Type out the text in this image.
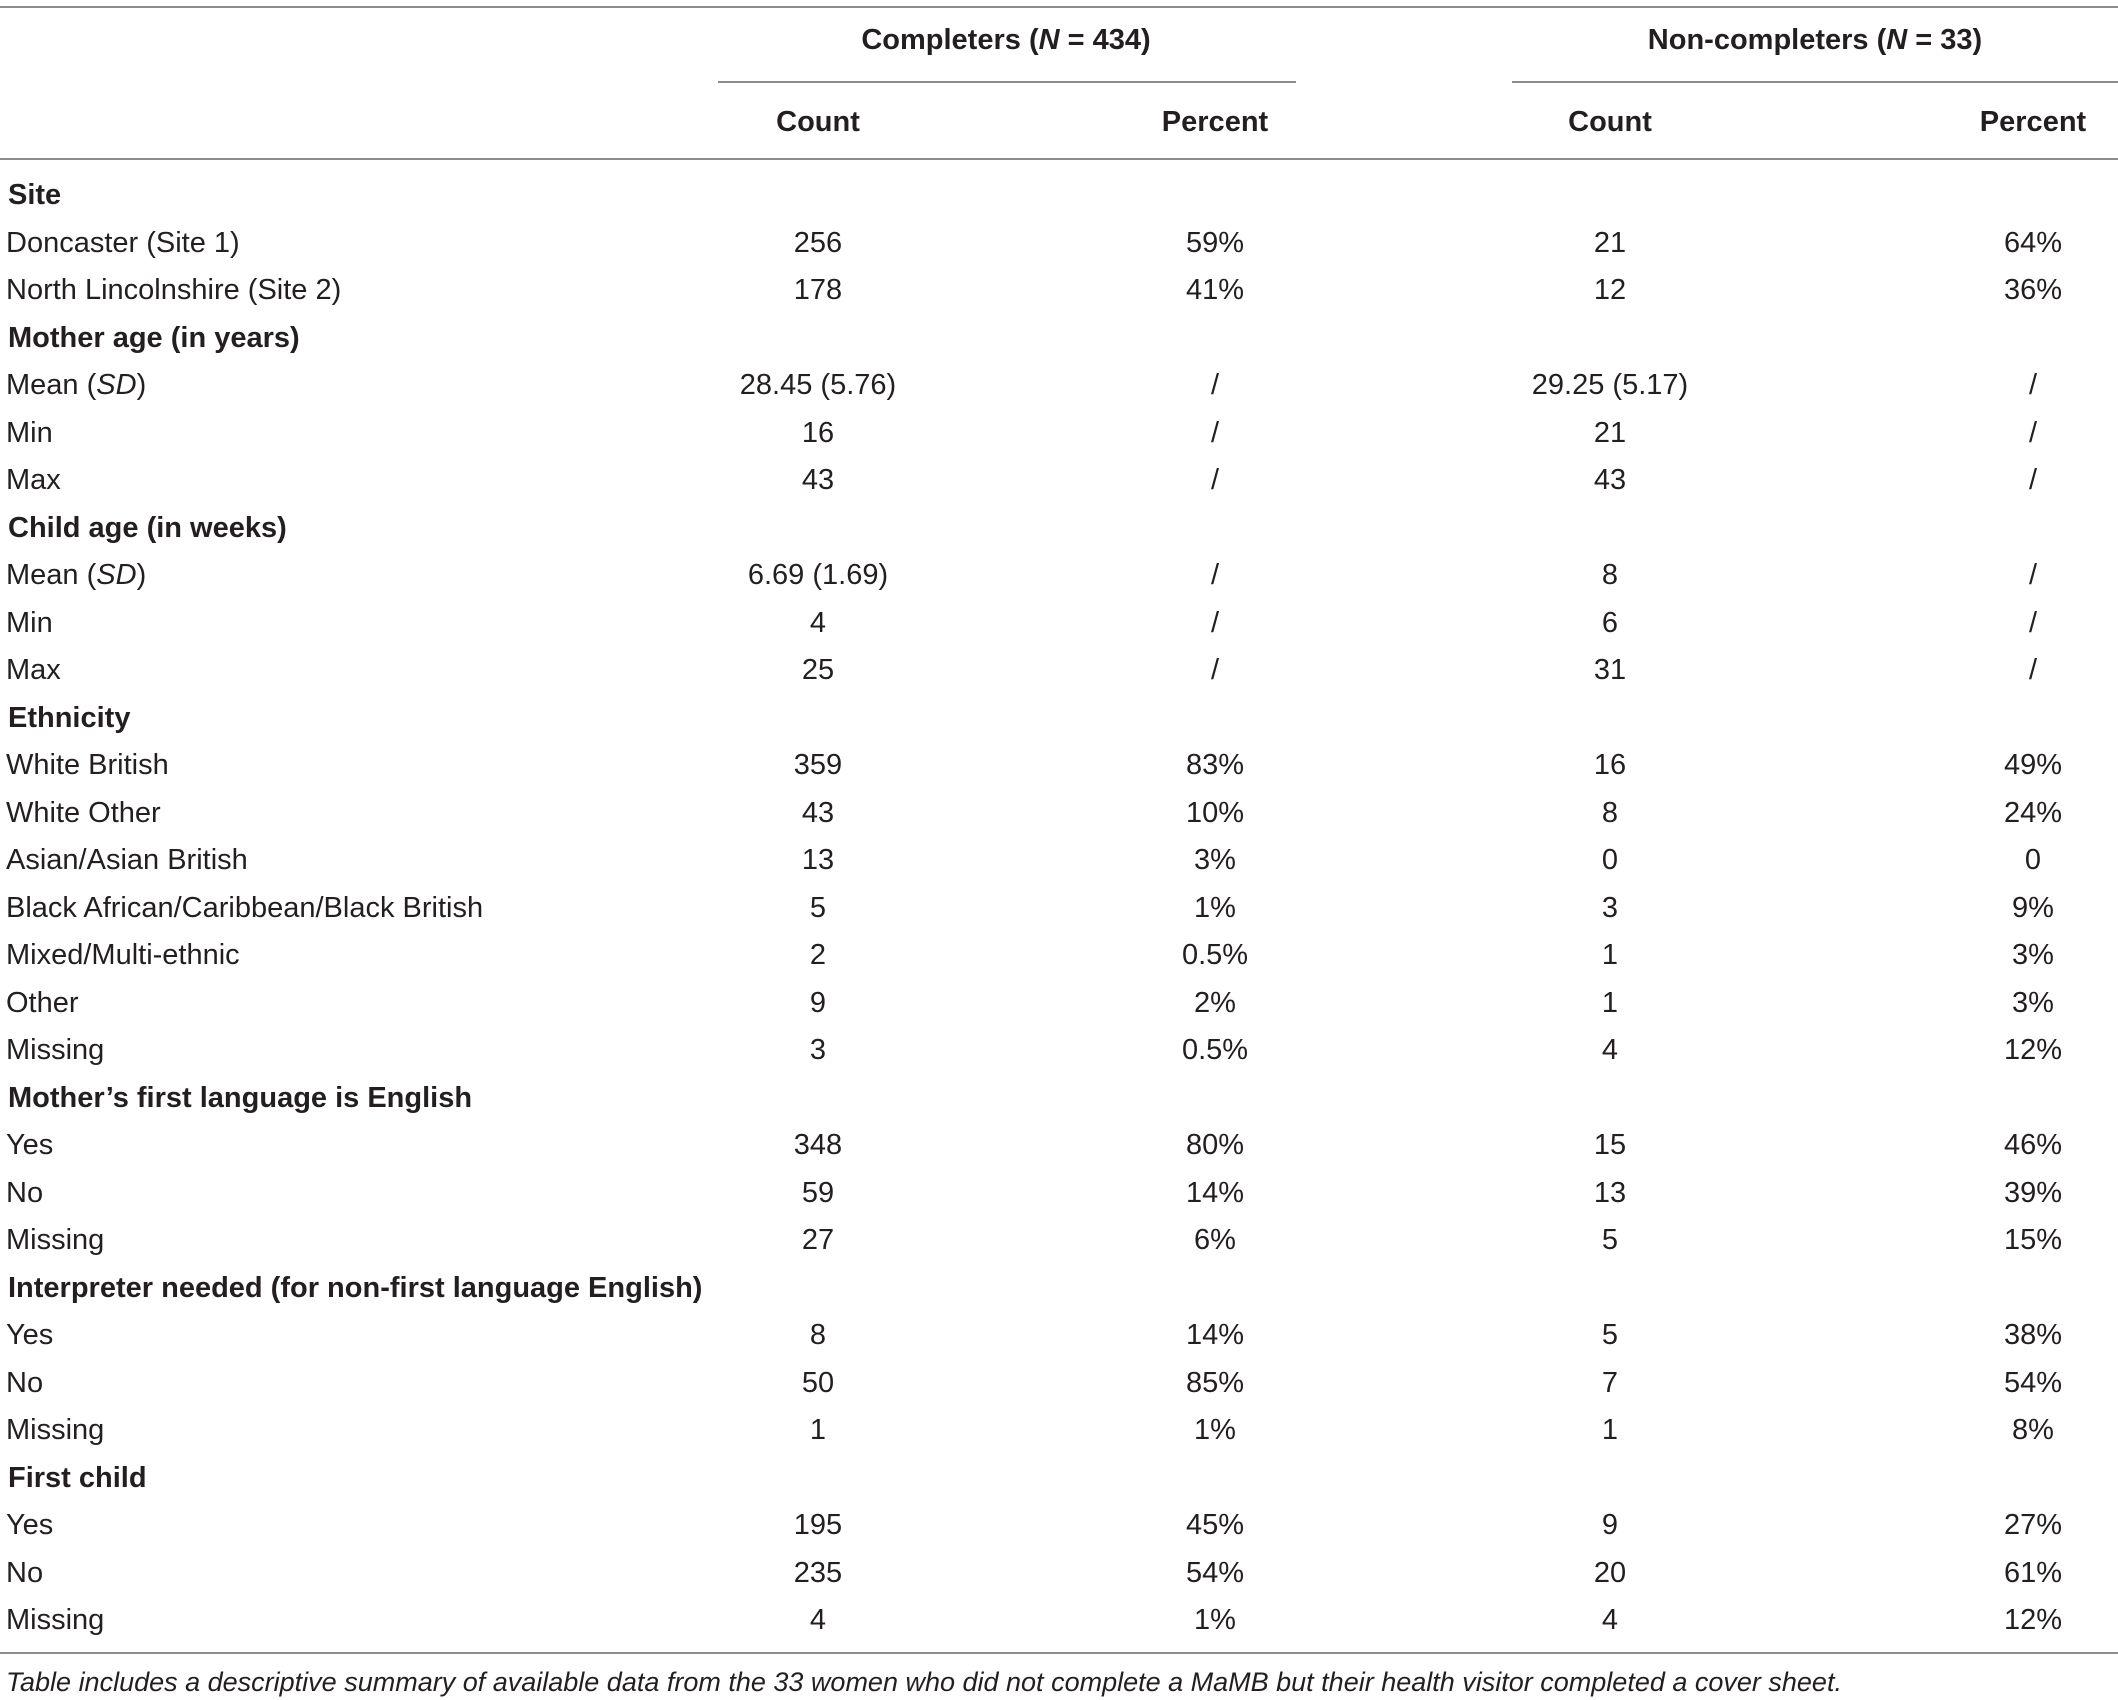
Completers (N = 434)	Non-completers (N = 33)
Count	Percent	Count	Percent
Site
Doncaster (Site 1)	256	59%	21	64%
North Lincolnshire (Site 2)	178	41%	12	36%
Mother age (in years)
Mean (SD)	28.45 (5.76)	/	29.25 (5.17)	/
Min	16	/	21	/
Max	43	/	43	/
Child age (in weeks)
Mean (SD)	6.69 (1.69)	/	8	/
Min	4	/	6	/
Max	25	/	31	/
Ethnicity
White British	359	83%	16	49%
White Other	43	10%	8	24%
Asian/Asian British	13	3%	0	0
Black African/Caribbean/Black British	5	1%	3	9%
Mixed/Multi-ethnic	2	0.5%	1	3%
Other	9	2%	1	3%
Missing	3	0.5%	4	12%
Mother’s first language is English
Yes	348	80%	15	46%
No	59	14%	13	39%
Missing	27	6%	5	15%
Interpreter needed (for non-first language English)
Yes	8	14%	5	38%
No	50	85%	7	54%
Missing	1	1%	1	8%
First child
Yes	195	45%	9	27%
No	235	54%	20	61%
Missing	4	1%	4	12%
Table includes a descriptive summary of available data from the 33 women who did not complete a MaMB but their health visitor completed a cover sheet.
